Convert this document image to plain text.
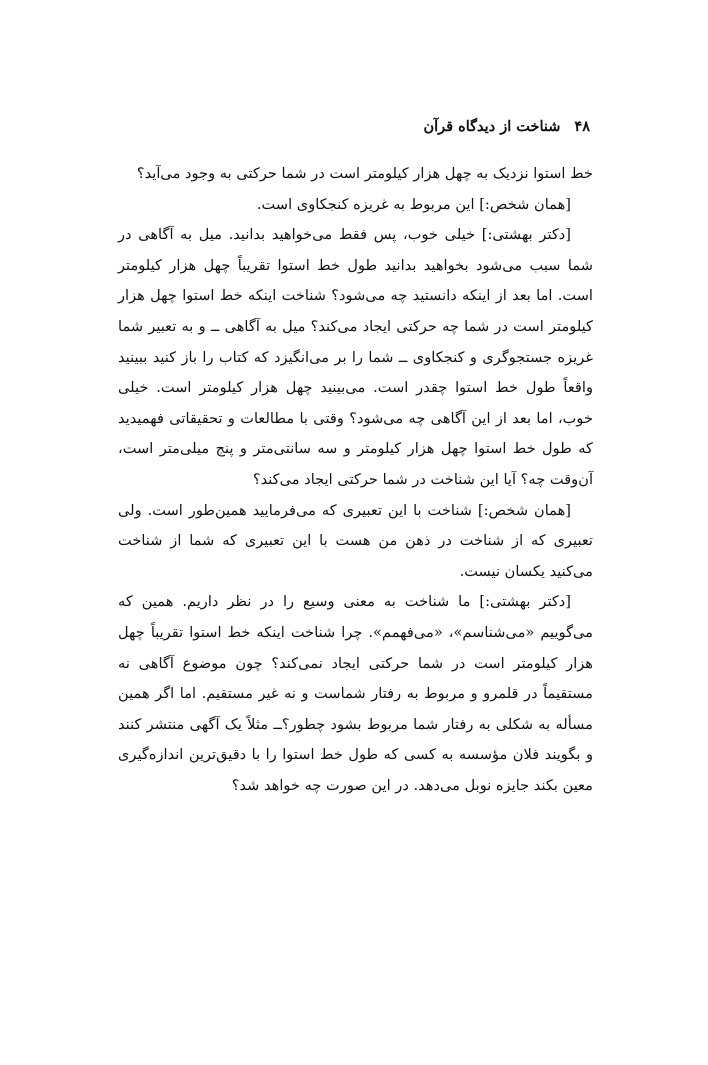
۴۸شناخت از دیدگاه قرآن

خط استوا نزدیک به چهل هزار کیلومتر است در شما حرکتی به وجود می‌آید؟

[همان شخص:] این مربوط به غریزه کنجکاوی است.

[دکتر بهشتی:] خیلی خوب، پس فقط می‌خواهید بدانید. میل به آگاهی در شما سبب می‌شود بخواهید بدانید طول خط استوا تقریباً چهل هزار کیلومتر است. اما بعد از اینکه دانستید چه می‌شود؟ شناخت اینکه خط استوا چهل هزار کیلومتر است در شما چه حرکتی ایجاد می‌کند؟ میل به آگاهی ــ و به تعبیر شما غریزه جستجوگری و کنجکاوی ــ شما را بر می‌انگیزد که کتاب را باز کنید ببینید واقعاً طول خط استوا چقدر است. می‌بینید چهل هزار کیلومتر است. خیلی خوب، اما بعد از این آگاهی چه می‌شود؟ وقتی با مطالعات و تحقیقاتی فهمیدید که طول خط استوا چهل هزار کیلومتر و سه سانتی‌متر و پنج میلی‌متر است، آن‌وقت چه؟ آیا این شناخت در شما حرکتی ایجاد می‌کند؟

[همان شخص:] شناخت با این تعبیری که می‌فرمایید همین‌طور است. ولی تعبیری که از شناخت در ذهن من هست با این تعبیری که شما از شناخت می‌کنید یکسان نیست.

[دکتر بهشتی:] ما شناخت به معنی وسیع را در نظر داریم. همین که می‌گوییم «می‌شناسم»، «می‌فهمم». چرا شناخت اینکه خط استوا تقریباً چهل هزار کیلومتر است در شما حرکتی ایجاد نمی‌کند؟ چون موضوع آگاهی نه مستقیماً در قلمرو و مربوط به رفتار شماست و نه غیر مستقیم. اما اگر همین مسأله به شکلی به رفتار شما مربوط بشود چطور؟ــ مثلاً یک آگهی منتشر کنند و بگویند فلان مؤسسه به کسی که طول خط استوا را با دقیق‌ترین اندازه‌گیری معین بکند جایزه نوبل می‌دهد. در این صورت چه خواهد شد؟
